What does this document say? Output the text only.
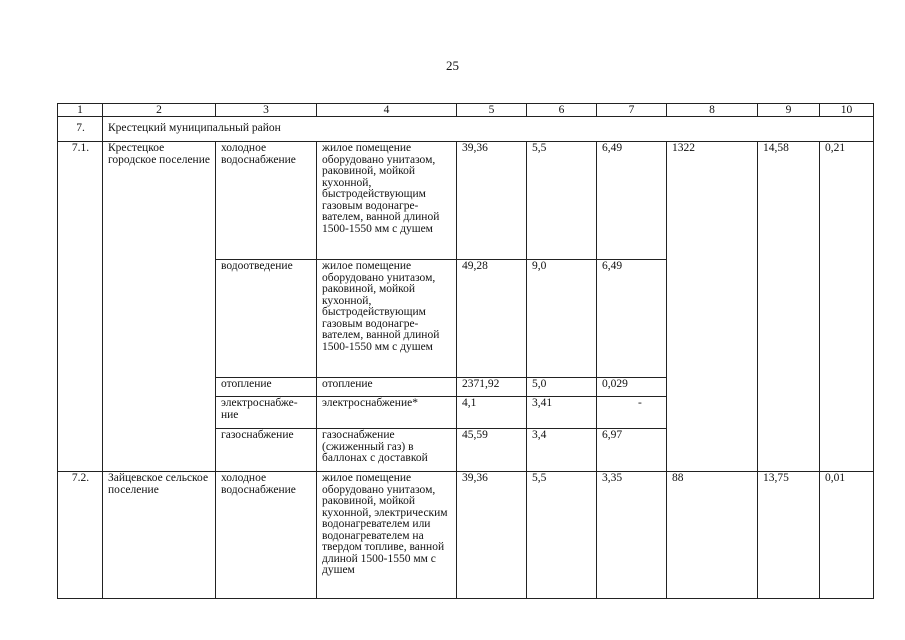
25
1	2	3	4	5	6	7	8	9	10
7.	Крестецкий муниципальный район								
7.1.	Крестецкое городское поселение	холодное водоснабжение	жилое помещение оборудовано унитазом, раковиной, мойкой кухонной, быстродействующим газовым водонагре-вателем, ванной длиной 1500-1550 мм с душем	39,36	5,5	6,49	1322	14,58	0,21
		водоотведение	жилое помещение оборудовано унитазом, раковиной, мойкой кухонной, быстродействующим газовым водонагре-вателем, ванной длиной 1500-1550 мм с душем	49,28	9,0	6,49			
		отопление	отопление	2371,92	5,0	0,029			
		электроснабже-ние	электроснабжение*	4,1	3,41	-			
		газоснабжение	газоснабжение (сжиженный газ) в баллонах с доставкой	45,59	3,4	6,97			
7.2.	Зайцевское сельское поселение	холодное водоснабжение	жилое помещение оборудовано унитазом, раковиной, мойкой кухонной, электрическим водонагревателем или водонагревателем на твердом топливе, ванной длиной 1500-1550 мм с душем	39,36	5,5	3,35	88	13,75	0,01
